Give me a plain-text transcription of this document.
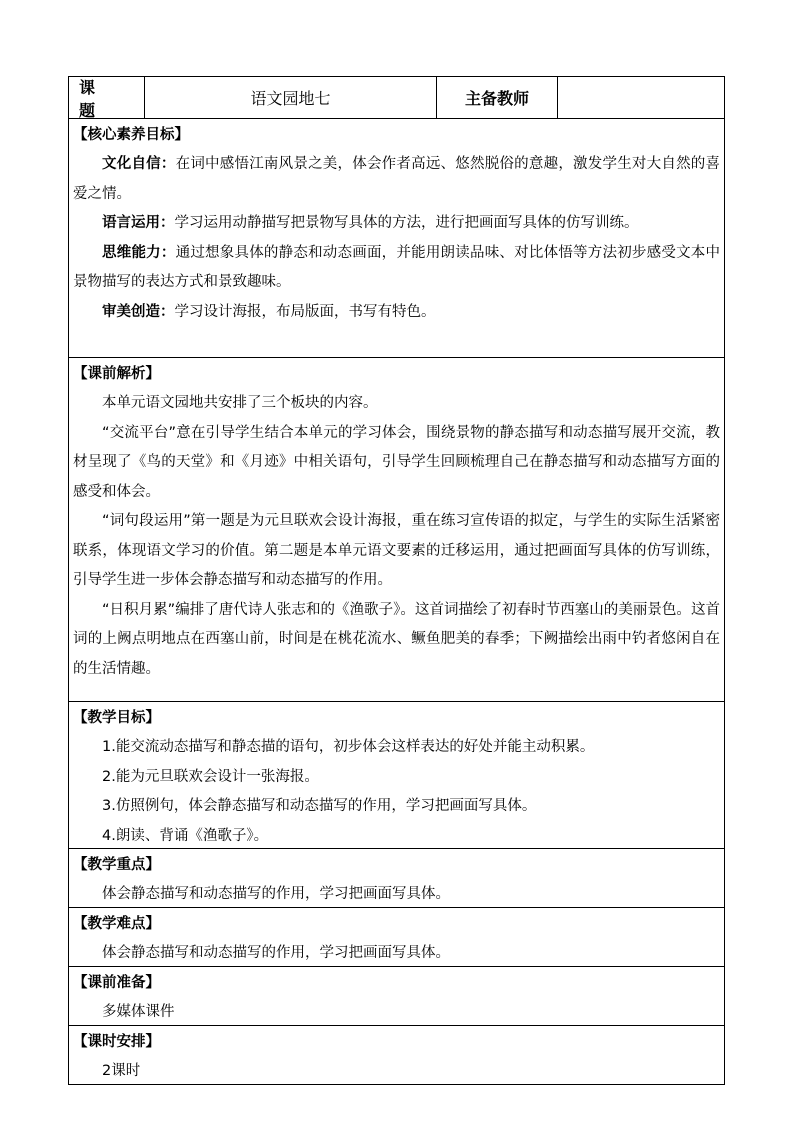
课题
语文园地七	主备教师
【核心素养目标】

文化自信：在词中感悟江南风景之美，体会作者高远、悠然脱俗的意趣，激发学生对大自然的喜爱之情。

语言运用：学习运用动静描写把景物写具体的方法，进行把画面写具体的仿写训练。

思维能力：通过想象具体的静态和动态画面，并能用朗读品味、对比体悟等方法初步感受文本中景物描写的表达方式和景致趣味。

审美创造：学习设计海报，布局版面，书写有特色。

【课前解析】

本单元语文园地共安排了三个板块的内容。

“交流平台”意在引导学生结合本单元的学习体会，围绕景物的静态描写和动态描写展开交流，教材呈现了《鸟的天堂》和《月迹》中相关语句，引导学生回顾梳理自己在静态描写和动态描写方面的感受和体会。

“词句段运用”第一题是为元旦联欢会设计海报，重在练习宣传语的拟定，与学生的实际生活紧密联系，体现语文学习的价值。第二题是本单元语文要素的迁移运用，通过把画面写具体的仿写训练，引导学生进一步体会静态描写和动态描写的作用。

“日积月累”编排了唐代诗人张志和的《渔歌子》。这首词描绘了初春时节西塞山的美丽景色。这首词的上阙点明地点在西塞山前，时间是在桃花流水、鳜鱼肥美的春季；下阙描绘出雨中钓者悠闲自在的生活情趣。

【教学目标】

1.能交流动态描写和静态描的语句，初步体会这样表达的好处并能主动积累。

2.能为元旦联欢会设计一张海报。

3.仿照例句，体会静态描写和动态描写的作用，学习把画面写具体。

4.朗读、背诵《渔歌子》。

【教学重点】

体会静态描写和动态描写的作用，学习把画面写具体。

【教学难点】

体会静态描写和动态描写的作用，学习把画面写具体。

【课前准备】

多媒体课件

【课时安排】

2课时
